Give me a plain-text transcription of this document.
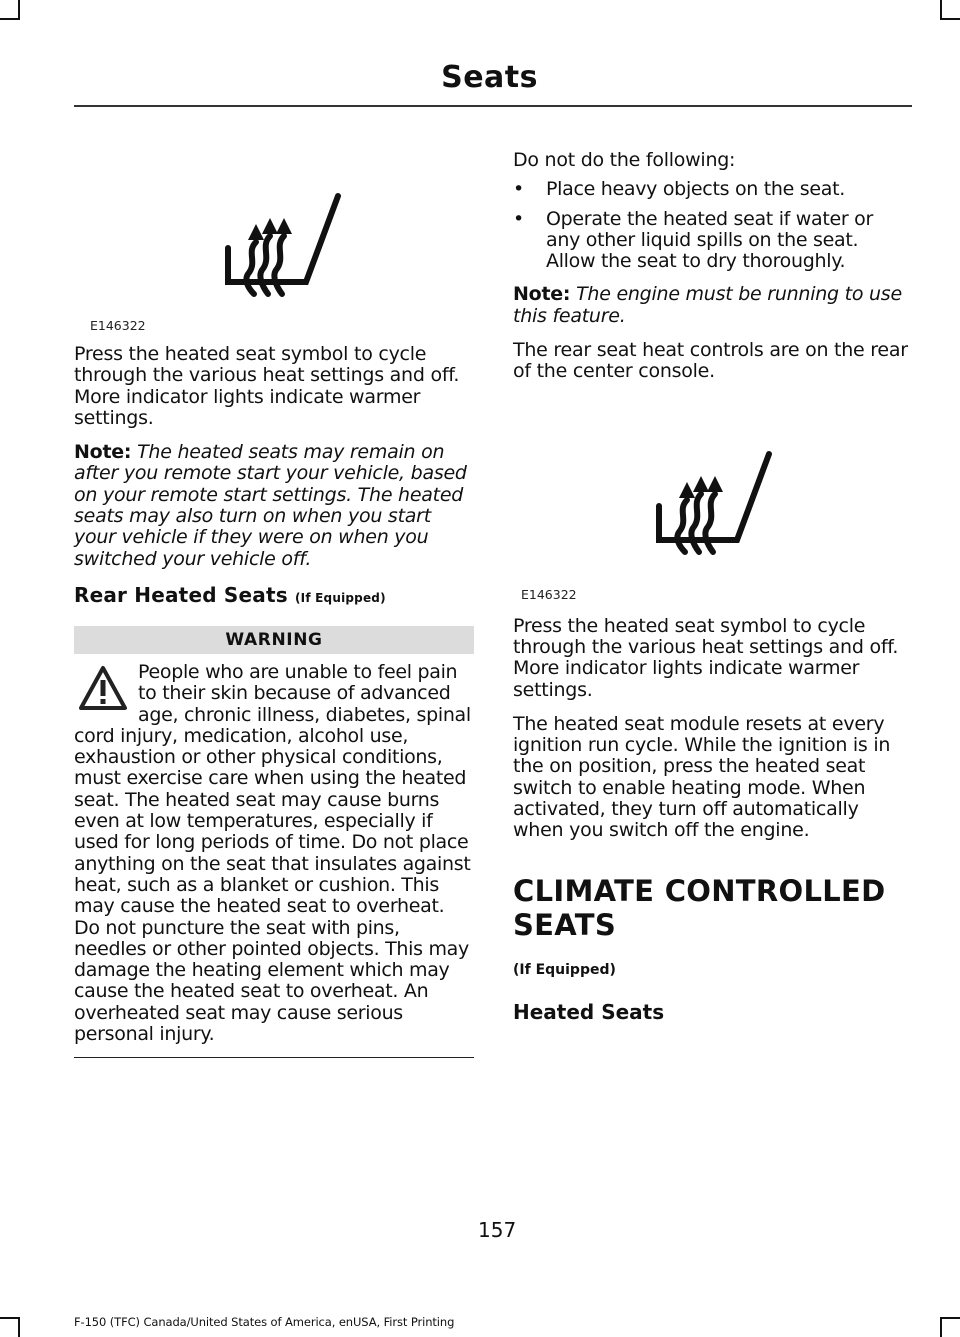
Seats
E146322

Press the heated seat symbol to cycle through the various heat settings and off. More indicator lights indicate warmer settings.

Note: The heated seats may remain on after you remote start your vehicle, based on your remote start settings. The heated seats may also turn on when you start your vehicle if they were on when you switched your vehicle off.

Rear Heated Seats (If Equipped)
WARNING
People who are unable to feel pain to their skin because of advanced age, chronic illness, diabetes, spinal cord injury, medication, alcohol use, exhaustion or other physical conditions, must exercise care when using the heated seat. The heated seat may cause burns even at low temperatures, especially if used for long periods of time. Do not place anything on the seat that insulates against heat, such as a blanket or cushion. This may cause the heated seat to overheat. Do not puncture the seat with pins, needles or other pointed objects. This may damage the heating element which may cause the heated seat to overheat. An overheated seat may cause serious personal injury.

Do not do the following:

• Place heavy objects on the seat.
• Operate the heated seat if water or any other liquid spills on the seat. Allow the seat to dry thoroughly.

Note: The engine must be running to use this feature.

The rear seat heat controls are on the rear of the center console.

E146322

Press the heated seat symbol to cycle through the various heat settings and off. More indicator lights indicate warmer settings.

The heated seat module resets at every ignition run cycle. While the ignition is in the on position, press the heated seat switch to enable heating mode. When activated, they turn off automatically when you switch off the engine.

CLIMATE CONTROLLED SEATS
(If Equipped)
Heated Seats
157
F-150 (TFC) Canada/United States of America, enUSA, First Printing
